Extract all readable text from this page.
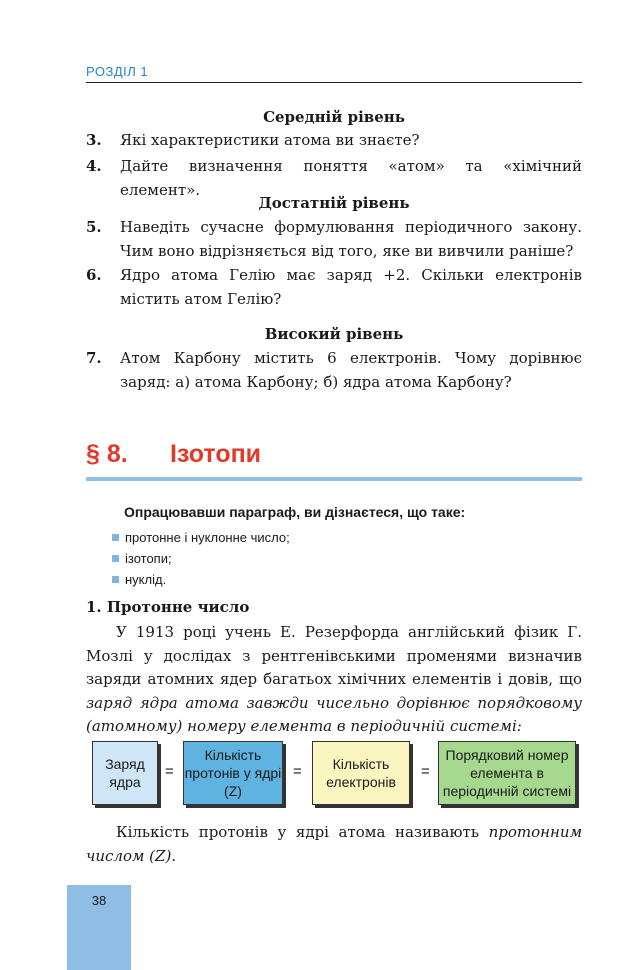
РОЗДІЛ 1
Середній рівень
3. Які характеристики атома ви знаєте?
4. Дайте визначення поняття «атом» та «хімічний елемент».
Достатній рівень
5. Наведіть сучасне формулювання періодичного закону. Чим воно відрізняється від того, яке ви вивчили раніше?
6. Ядро атома Гелію має заряд +2. Скільки електронів містить атом Гелію?
Високий рівень
7. Атом Карбону містить 6 електронів. Чому дорівнює заряд: а) атома Карбону; б) ядра атома Карбону?
§ 8. Ізотопи
Опрацювавши параграф, ви дізнаєтеся, що таке:
протонне і нуклонне число;
ізотопи;
нуклід.
1. Протонне число
У 1913 році учень Е. Резерфорда англійський фізик Г. Мозлі у дослідах з рентгенівськими променями визначив заряди атомних ядер багатьох хімічних елементів і довів, що заряд ядра атома завжди чисельно дорівнює порядковому (атомному) номеру елемента в періодичній системі:
Заряд ядра
=
Кількість протонів у ядрі (Z)
=	Кількість електронів
=
Порядковий номер елемента в періодичній системі
Кількість протонів у ядрі атома називають протонним числом (Z).
38
